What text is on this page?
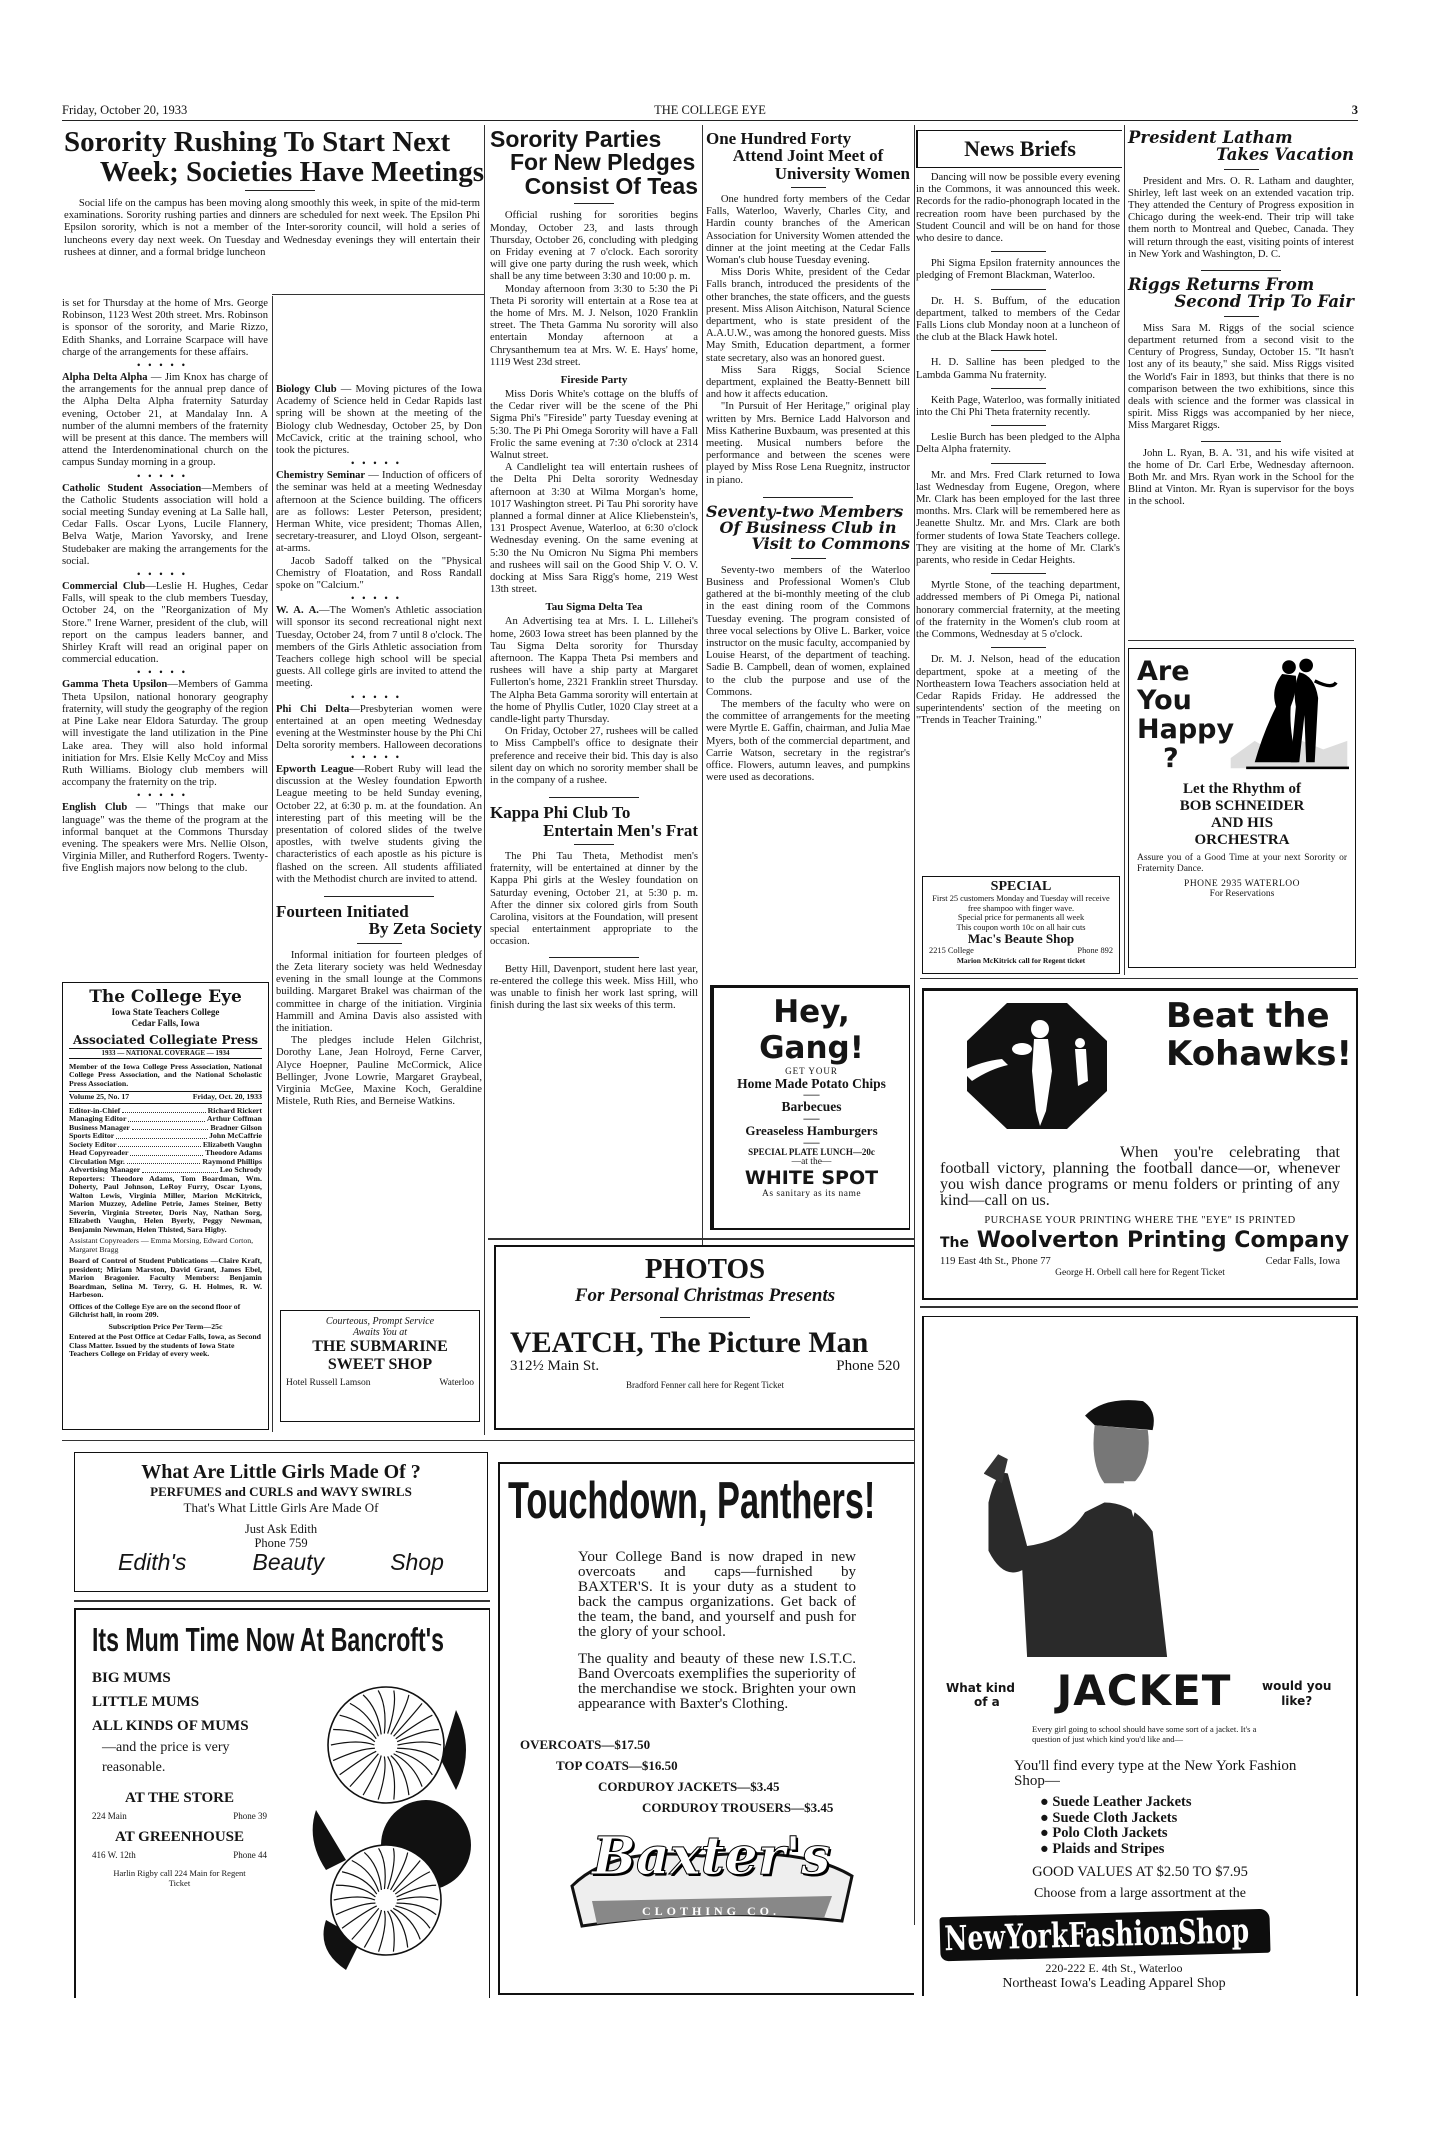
Friday, October 20, 1933	THE COLLEGE EYE	3
Sorority Rushing To Start Next
Week; Societies Have Meetings

Social life on the campus has been moving along smoothly this week, in spite of the mid-term examinations. Sorority rushing parties and dinners are scheduled for next week. The Epsilon Phi Epsilon sorority, which is not a member of the Inter-sorority council, will hold a series of luncheons every day next week. On Tuesday and Wednesday evenings they will entertain their rushees at dinner, and a formal bridge luncheon

is set for Thursday at the home of Mrs. George Robinson, 1123 West 20th street. Mrs. Robinson is sponsor of the sorority, and Marie Rizzo, Edith Shanks, and Lorraine Scarpace will have charge of the arrangements for these affairs.

•••••

Alpha Delta Alpha — Jim Knox has charge of the arrangements for the annual prep dance of the Alpha Delta Alpha fraternity Saturday evening, October 21, at Mandalay Inn. A number of the alumni members of the fraternity will be present at this dance. The members will attend the Interdenominational church on the campus Sunday morning in a group.

•••••

Catholic Student Association—Members of the Catholic Students association will hold a social meeting Sunday evening at La Salle hall, Cedar Falls. Oscar Lyons, Lucile Flannery, Belva Watje, Marion Yavorsky, and Irene Studebaker are making the arrangements for the social.

•••••

Commercial Club—Leslie H. Hughes, Cedar Falls, will speak to the club members Tuesday, October 24, on the "Reorganization of My Store." Irene Warner, president of the club, will report on the campus leaders banner, and Shirley Kraft will read an original paper on commercial education.

•••••

Gamma Theta Upsilon—Members of Gamma Theta Upsilon, national honorary geography fraternity, will study the geography of the region at Pine Lake near Eldora Saturday. The group will investigate the land utilization in the Pine Lake area. They will also hold informal initiation for Mrs. Elsie Kelly McCoy and Miss Ruth Williams. Biology club members will accompany the fraternity on the trip.

•••••

English Club — "Things that make our language" was the theme of the program at the informal banquet at the Commons Thursday evening. The speakers were Mrs. Nellie Olson, Virginia Miller, and Rutherford Rogers. Twenty-five English majors now belong to the club.

The College Eye
Iowa State Teachers College
Cedar Falls, Iowa
Associated Collegiate Press
1933 — NATIONAL COVERAGE — 1934

Member of the Iowa College Press Association, National College Press Association, and the National Scholastic Press Association.

Volume 25, No. 17	Friday, Oct. 20, 1933
Editor-in-Chief	Richard Rickert
Managing Editor	Arthur Coffman
Business Manager	Bradner Gilson
Sports Editor	John McCaffrie
Society Editor	Elizabeth Vaughn
Head Copyreader	Theodore Adams
Circulation Mgr.	Raymond Phillips
Advertising Manager	Leo Schrody

Reporters: Theodore Adams, Tom Boardman, Wm. Doherty, Paul Johnson, LeRoy Furry, Oscar Lyons, Walton Lewis, Virginia Miller, Marion McKitrick, Marion Muzzey, Adeline Petrie, James Steiner, Betty Severin, Virginia Streeter, Doris Nay, Nathan Sorg, Elizabeth Vaughn, Helen Byerly, Peggy Newman, Benjamin Newman, Helen Thisted, Sara Higby.

Assistant Copyreaders — Emma Morsing, Edward Corton, Margaret Bragg

Board of Control of Student Publications —Claire Kraft, president; Miriam Marston, David Grant, James Ebel, Marion Bragonier. Faculty Members: Benjamin Boardman, Selina M. Terry, G. H. Holmes, R. W. Harbeson.

Offices of the College Eye are on the second floor of Gilchrist hall, in room 209.

Subscription Price Per Term—25c

Entered at the Post Office at Cedar Falls, Iowa, as Second Class Matter. Issued by the students of Iowa State Teachers College on Friday of every week.

Biology Club — Moving pictures of the Iowa Academy of Science held in Cedar Rapids last spring will be shown at the meeting of the Biology club Wednesday, October 25, by Don McCavick, critic at the training school, who took the pictures.

•••••

Chemistry Seminar — Induction of officers of the seminar was held at a meeting Wednesday afternoon at the Science building. The officers are as follows: Lester Peterson, president; Herman White, vice president; Thomas Allen, secretary-treasurer, and Lloyd Olson, sergeant-at-arms.

Jacob Sadoff talked on the "Physical Chemistry of Floatation, and Ross Randall spoke on "Calcium."

•••••

W. A. A.—The Women's Athletic association will sponsor its second recreational night next Tuesday, October 24, from 7 until 8 o'clock. The members of the Girls Athletic association from Teachers college high school will be special guests. All college girls are invited to attend the meeting.

•••••

Phi Chi Delta—Presbyterian women were entertained at an open meeting Wednesday evening at the Westminster house by the Phi Chi Delta sorority members. Halloween decorations

•••••

Epworth League—Robert Ruby will lead the discussion at the Wesley foundation Epworth League meeting to be held Sunday evening, October 22, at 6:30 p. m. at the foundation. An interesting part of this meeting will be the presentation of colored slides of the twelve apostles, with twelve students giving the characteristics of each apostle as his picture is flashed on the screen. All students affiliated with the Methodist church are invited to attend.

Fourteen Initiated
By Zeta Society

Informal initiation for fourteen pledges of the Zeta literary society was held Wednesday evening in the small lounge at the Commons building. Margaret Brakel was chairman of the committee in charge of the initiation. Virginia Hammill and Amina Davis also assisted with the initiation.

The pledges include Helen Gilchrist, Dorothy Lane, Jean Holroyd, Ferne Carver, Alyce Hoepner, Pauline McCormick, Alice Bellinger, Jvone Lowrie, Margaret Graybeal, Virginia McGee, Maxine Koch, Geraldine Mistele, Ruth Ries, and Berneise Watkins.

Courteous, Prompt Service
Awaits You at
THE SUBMARINE
SWEET SHOP
Hotel Russell Lamson	Waterloo
Sorority Parties
For New Pledges
Consist Of Teas

Official rushing for sororities begins Monday, October 23, and lasts through Thursday, October 26, concluding with pledging on Friday evening at 7 o'clock. Each sorority will give one party during the rush week, which shall be any time between 3:30 and 10:00 p. m.

Monday afternoon from 3:30 to 5:30 the Pi Theta Pi sorority will entertain at a Rose tea at the home of Mrs. M. J. Nelson, 1020 Franklin street. The Theta Gamma Nu sorority will also entertain Monday afternoon at a Chrysanthemum tea at Mrs. W. E. Hays' home, 1119 West 23d street.

Fireside Party

Miss Doris White's cottage on the bluffs of the Cedar river will be the scene of the Phi Sigma Phi's "Fireside" party Tuesday evening at 5:30. The Pi Phi Omega Sorority will have a Fall Frolic the same evening at 7:30 o'clock at 2314 Walnut street.

A Candlelight tea will entertain rushees of the Delta Phi Delta sorority Wednesday afternoon at 3:30 at Wilma Morgan's home, 1017 Washington street. Pi Tau Phi sorority have planned a formal dinner at Alice Kliebenstein's, 131 Prospect Avenue, Waterloo, at 6:30 o'clock Wednesday evening. On the same evening at 5:30 the Nu Omicron Nu Sigma Phi members and rushees will sail on the Good Ship V. O. V. docking at Miss Sara Rigg's home, 219 West 13th street.

Tau Sigma Delta Tea

An Advertising tea at Mrs. I. L. Lillehei's home, 2603 Iowa street has been planned by the Tau Sigma Delta sorority for Thursday afternoon. The Kappa Theta Psi members and rushees will have a ship party at Margaret Fullerton's home, 2321 Franklin street Thursday. The Alpha Beta Gamma sorority will entertain at the home of Phyllis Cutler, 1020 Clay street at a candle-light party Thursday.

On Friday, October 27, rushees will be called to Miss Campbell's office to designate their preference and receive their bid. This day is also silent day on which no sorority member shall be in the company of a rushee.

Kappa Phi Club To
Entertain Men's Frat

The Phi Tau Theta, Methodist men's fraternity, will be entertained at dinner by the Kappa Phi girls at the Wesley foundation on Saturday evening, October 21, at 5:30 p. m. After the dinner six colored girls from South Carolina, visitors at the Foundation, will present special entertainment appropriate to the occasion.

Betty Hill, Davenport, student here last year, re-entered the college this week. Miss Hill, who was unable to finish her work last spring, will finish during the last six weeks of this term.

One Hundred Forty
Attend Joint Meet of
University Women

One hundred forty members of the Cedar Falls, Waterloo, Waverly, Charles City, and Hardin county branches of the American Association for University Women attended the dinner at the joint meeting at the Cedar Falls Woman's club house Tuesday evening.

Miss Doris White, president of the Cedar Falls branch, introduced the presidents of the other branches, the state officers, and the guests present. Miss Alison Aitchison, Natural Science department, who is state president of the A.A.U.W., was among the honored guests. Miss May Smith, Education department, a former state secretary, also was an honored guest.

Miss Sara Riggs, Social Science department, explained the Beatty-Bennett bill and how it affects education.

"In Pursuit of Her Heritage," original play written by Mrs. Bernice Ladd Halvorson and Miss Katherine Buxbaum, was presented at this meeting. Musical numbers before the performance and between the scenes were played by Miss Rose Lena Ruegnitz, instructor in piano.

Seventy-two Members
Of Business Club in
Visit to Commons

Seventy-two members of the Waterloo Business and Professional Women's Club gathered at the bi-monthly meeting of the club in the east dining room of the Commons Tuesday evening. The program consisted of three vocal selections by Olive L. Barker, voice instructor on the music faculty, accompanied by Louise Hearst, of the department of teaching. Sadie B. Campbell, dean of women, explained to the club the purpose and use of the Commons.

The members of the faculty who were on the committee of arrangements for the meeting were Myrtle E. Gaffin, chairman, and Julia Mae Myers, both of the commercial department, and Carrie Watson, secretary in the registrar's office. Flowers, autumn leaves, and pumpkins were used as decorations.

Hey, Gang!
GET YOUR
Home Made Potato Chips
—
Barbecues
—
Greaseless Hamburgers
—
SPECIAL PLATE LUNCH—20c
—at the—
WHITE SPOT
As sanitary as its name
PHOTOS
For Personal Christmas Presents
VEATCH, The Picture Man
312½ Main St.	Phone 520
Bradford Fenner call here for Regent Ticket
Touchdown, Panthers!

Your College Band is now draped in new overcoats and caps—furnished by BAXTER'S. It is your duty as a student to back the campus organizations. Get back of the team, the band, and yourself and push for the glory of your school.

The quality and beauty of these new I.S.T.C. Band Overcoats exemplifies the superiority of the merchandise we stock. Brighten your own appearance with Baxter's Clothing.

OVERCOATS—$17.50
TOP COATS—$16.50
CORDUROY JACKETS—$3.45
CORDUROY TROUSERS—$3.45
Baxter's
CLOTHING CO.
News Briefs

Dancing will now be possible every evening in the Commons, it was announced this week. Records for the radio-phonograph located in the recreation room have been purchased by the Student Council and will be on hand for those who desire to dance.

Phi Sigma Epsilon fraternity announces the pledging of Fremont Blackman, Waterloo.

Dr. H. S. Buffum, of the education department, talked to members of the Cedar Falls Lions club Monday noon at a luncheon of the club at the Black Hawk hotel.

H. D. Salline has been pledged to the Lambda Gamma Nu fraternity.

Keith Page, Waterloo, was formally initiated into the Chi Phi Theta fraternity recently.

Leslie Burch has been pledged to the Alpha Delta Alpha fraternity.

Mr. and Mrs. Fred Clark returned to Iowa last Wednesday from Eugene, Oregon, where Mr. Clark has been employed for the last three months. Mrs. Clark will be remembered here as Jeanette Shultz. Mr. and Mrs. Clark are both former students of Iowa State Teachers college. They are visiting at the home of Mr. Clark's parents, who reside in Cedar Heights.

Myrtle Stone, of the teaching department, addressed members of Pi Omega Pi, national honorary commercial fraternity, at the meeting of the fraternity in the Women's club room at the Commons, Wednesday at 5 o'clock.

Dr. M. J. Nelson, head of the education department, spoke at a meeting of the Northeastern Iowa Teachers association held at Cedar Rapids Friday. He addressed the superintendents' section of the meeting on "Trends in Teacher Training."

SPECIAL
First 25 customers Monday and Tuesday will receive free shampoo with finger wave.
Special price for permanents all week
This coupon worth 10c on all hair cuts
Mac's Beaute Shop
2215 College	Phone 892
Marion McKitrick call for Regent ticket
President Latham
Takes Vacation

President and Mrs. O. R. Latham and daughter, Shirley, left last week on an extended vacation trip. They attended the Century of Progress exposition in Chicago during the week-end. Their trip will take them north to Montreal and Quebec, Canada. They will return through the east, visiting points of interest in New York and Washington, D. C.

Riggs Returns From
Second Trip To Fair

Miss Sara M. Riggs of the social science department returned from a second visit to the Century of Progress, Sunday, October 15. "It hasn't lost any of its beauty," she said. Miss Riggs visited the World's Fair in 1893, but thinks that there is no comparison between the two exhibitions, since this deals with science and the former was classical in spirit. Miss Riggs was accompanied by her niece, Miss Margaret Riggs.

John L. Ryan, B. A. '31, and his wife visited at the home of Dr. Carl Erbe, Wednesday afternoon. Both Mr. and Mrs. Ryan work in the School for the Blind at Vinton. Mr. Ryan is supervisor for the boys in the school.

Are
You
Happy
?
Let the Rhythm of
BOB SCHNEIDER
AND HIS
ORCHESTRA
Assure you of a Good Time at your next Sorority or Fraternity Dance.
PHONE 2935 WATERLOO
For Reservations
Beat the
Kohawks!

When you're celebrating that football victory, planning the football dance—or, whenever you wish dance programs or menu folders or printing of any kind—call on us.

PURCHASE YOUR PRINTING WHERE THE "EYE" IS PRINTED
The Woolverton Printing Company
119 East 4th St., Phone 77	Cedar Falls, Iowa
George H. Orbell call here for Regent Ticket
What kind
of a	JACKET	would you
like?
Every girl going to school should have some sort of a jacket. It's a question of just which kind you'd like and—
You'll find every type at the New York Fashion Shop—
● Suede Leather Jackets
● Suede Cloth Jackets
● Polo Cloth Jackets
● Plaids and Stripes
GOOD VALUES AT $2.50 TO $7.95
Choose from a large assortment at the
NewYorkFashionShop
220-222 E. 4th St., Waterloo
Northeast Iowa's Leading Apparel Shop
What Are Little Girls Made Of ?
PERFUMES and CURLS and WAVY SWIRLS
That's What Little Girls Are Made Of
Just Ask Edith
Phone 759
Edith's	Beauty	Shop
Its Mum Time Now At Bancroft's
BIG MUMS
LITTLE MUMS
ALL KINDS OF MUMS
—and the price is very reasonable.
AT THE STORE
224 Main	Phone 39
AT GREENHOUSE
416 W. 12th	Phone 44
Harlin Rigby call 224 Main for Regent Ticket
